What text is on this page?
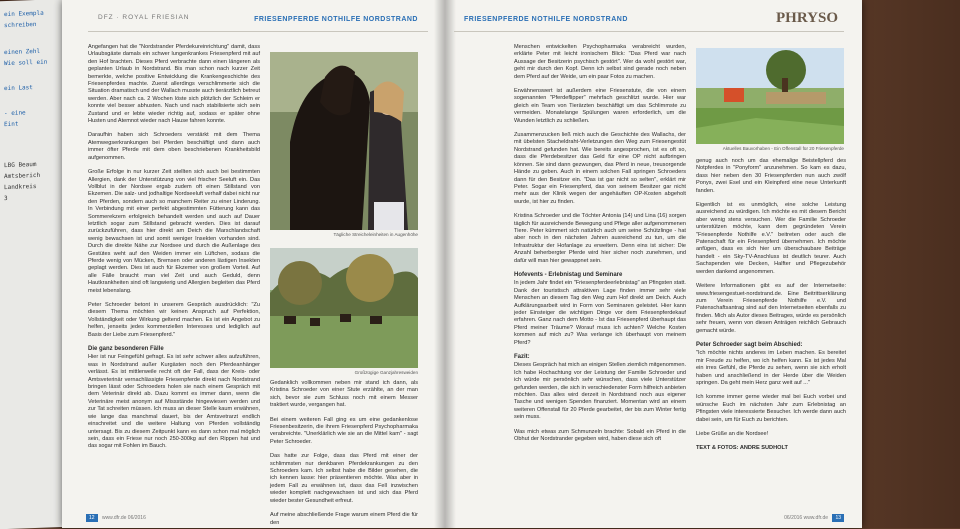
ein Exempla
schreiben
einen Zehl
Wie soll ein
ein Last
- eine
Eint
LBG Beaum
Amtsberich
Landkreis
3
DFZ · ROYAL FRIESIAN	FRIESENPFERDE NOTHILFE NORDSTRAND

Angefangen hat die "Nordstrander Pferdekureinrichtung" damit, dass Urlaubsgäste damals ein schwer lungenkrankes Friesenpferd mit auf den Hof brachten. Dieses Pferd verbrachte dann einen längeren als geplanten Urlaub in Nordstrand. Bis man schon nach kurzer Zeit bemerkte, welche positive Entwicklung die Krankengeschichte des Friesenpferdes machte. Zuerst allerdings verschlimmerte sich die Situation dramatisch und der Wallach musste auch tierärztlich betreut werden. Aber nach ca. 2 Wochen löste sich plötzlich der Schleim er konnte viel besser abhusten. Nach und nach stabilisierte sich sein Zustand und er lebte wieder richtig auf, sodass er später ohne Husten und Atemnot wieder nach Hause fahren konnte.

Daraufhin haben sich Schroeders verstärkt mit dem Thema Atemwegserkrankungen bei Pferden beschäftigt und dann auch immer öfter Pferde mit dem oben beschriebenen Krankheitsbild aufgenommen.

Große Erfolge in nur kurzer Zeit stellten sich auch bei bestimmten Allergien, dank der Unterstützung von viel frischer Seeluft ein. Das Vollblut in der Nordsee ergab zudem oft einen Stillstand von Ekzemen. Die salz- und jodhaltige Nordseeluft verhalf dabei nicht nur den Pferden, sondern auch so manchem Reiter zu einer Linderung. In Verbindung mit einer perfekt abgestimmten Fütterung kann das Sommerekzem erfolgreich behandelt werden und auch auf Dauer letztlich sogar zum Stillstand gebracht werden. Dies ist darauf zurückzuführen, dass hier direkt am Deich die Marschlandschaft wenig bewachsen ist und somit weniger Insekten vorhanden sind. Durch die direkte Nähe zur Nordsee und durch die Außenlage des Gestütes weht auf den Weiden immer ein Lüftchen, sodass die Pferde wenig von Mücken, Bremsen oder anderen lästigen Insekten geplagt werden. Dies ist auch für Ekzemer von großem Vorteil. Auf alle Fälle braucht man viel Zeit und auch Geduld, denn Hautkrankheiten sind oft langwierig und Allergien begleiten das Pferd meist lebenslang.

Peter Schroeder betont in unserem Gespräch ausdrücklich: "Zu diesem Thema möchten wir keinen Anspruch auf Perfektion, Vollständigkeit oder Wirkung geltend machen. Es ist ein Angebot zu helfen, jenseits jedes kommerziellen Interesses und lediglich auf Basis der Liebe zum Friesenpferd."

Die ganz besonderen Fälle

Hier ist nur Feingefühl gefragt. Es ist sehr schwer alles aufzuführen, was in Nordstrand außer Kurgästen noch den Pferdeanhänger verlässt. Es ist mittlerweile recht oft der Fall, dass der Kreis- oder Amtsveterinär vernachlässigte Friesenpferde direkt nach Nordstrand bringen lässt oder Schroeders holen sie nach einem Gespräch mit dem Veterinär direkt ab. Dazu kommt es immer dann, wenn die Veterinäre meist anonym auf Missstände hingewiesen werden und zur Tat schreiten müssen. Ich muss an dieser Stelle kaum erwähnen, wie lange das manchmal dauert, bis der Amtsvetrarzt endlich einschreitet und die weitere Haltung von Pferden vollständig untersagt. Bis zu diesem Zeitpunkt kann es dann schon mal möglich sein, dass ein Friese nur noch 250-300kg auf den Rippen hat und das sogar mit Fohlen im Bauch.

Tägliche Streicheleinheiten in Augenhöhe
Großzügige Ganzjahresweiden

Gedanklich vollkommen neben mir stand ich dann, als Kristina Schroeder von einer Stute erzählte, an der man sich, bevor sie zum Schluss noch mit einem Messer traktiert wurde, vergangen hat.

Bei einem weiteren Fall ging es um eine gedankenlose Friesenbesitzerin, die ihrem Friesenpferd Psychopharmaka verabreichte. "Unerklärlich wie sie an die Mittel kam" - sagt Peter Schroeder.

Das hatte zur Folge, dass das Pferd mit einer der schlimmsten nur denkbaren Pferdekrankungen zu den Schroeders kam. Ich selbst habe die Bilder gesehen, die ich kennen lasse: hier präsentieren möchte. Was aber in jedem Fall zu erwähnen ist, dass das Fell inzwischen wieder komplett nachgewachsen ist und sich das Pferd wieder bester Gesundheit erfreut.

Auf meine abschließende Frage warum einem Pferd die für den

12 www.dfr.de 06/2016
FRIESENPFERDE NOTHILFE NORDSTRAND	PHRYSO

Menschen entwickelten Psychopharmaka verabreicht wurden, erklärte Peter mit leicht ironischem Blick: "Das Pferd war nach Aussage der Besitzerin psychisch gestört". Wer da wohl gestört war, geht mir durch den Kopf. Denn ich selbst sind gerade noch neben dem Pferd auf der Weide, um ein paar Fotos zu machen.

Erwähnenswert ist außerdem eine Friesenstute, die von einem sogenannten "Pferdeflipper" mehrfach geschlitzt wurde. Hier war gleich ein Team von Tierärzten beschäftigt um das Schlimmste zu vermeiden. Monatelange Spülungen waren erforderlich, um die Wunden letztlich zu schließen.

Zusammenzucken ließ mich auch die Geschichte des Wallachs, der mit übelsten Stacheldraht-Verletzungen den Weg zum Friesengestüt Nordstrand gefunden hat. Wie bereits angesprochen, ist es oft so, dass die Pferdebesitzer das Geld für eine OP nicht aufbringen können. Sie sind dann gezwungen, das Pferd in neue, treusorgende Hände zu geben. Auch in einem solchen Fall springen Schroeders dann für den Besitzer ein. "Das ist gar nicht so selten", erklärt mir Peter. Sogar ein Friesenpferd, das von seinem Besitzer gar nicht mehr aus der Klinik wegen der angehäuften OP-Kosten abgeholt wurde, ist hier zu finden.

Kristina Schroeder und die Töchter Antonia (14) und Lina (16) sorgen täglich für ausreichende Bewegung und Pflege aller aufgenommenen Tiere. Peter kümmert sich natürlich auch um seine Schützlinge - hat aber noch in den nächsten Jahren ausreichend zu tun, um die Infrastruktur der Hofanlage zu erweitern. Denn eins ist sicher: Die Anzahl beherbergter Pferde wird hier sicher noch zunehmen, und dafür will man hier gewappnet sein.

Hofevents - Erlebnistag und Seminare

In jedem Jahr findet ein "Friesenpferdeerlebnistag" an Pfingsten statt. Dank der touristisch attraktiven Lage finden immer sehr viele Menschen an diesem Tag den Weg zum Hof direkt am Deich. Auch Aufklärungsarbeit wird in Form von Seminaren geleistet. Hier kann jeder Einsteiger die wichtigen Dinge vor dem Friesenpferdekauf erfahren. Ganz nach dem Motto - Ist das Friesenpferd überhaupt das Pferd meiner Träume? Worauf muss ich achten? Welche Kosten kommen auf mich zu? Was verlange ich überhaupt von meinem Pferd?

Fazit:

Dieses Gespräch hat mich an einigen Stellen ziemlich mitgenommen. Ich habe Hochachtung vor der Leistung der Familie Schroeder und ich würde mir persönlich sehr wünschen, dass viele Unterstützer gefunden werden, die sich in verschiedenster Form hilfreich anbieten möchten. Das alles wird derzeit in Nordstrand noch aus eigener Tasche und wenigen Spenden finanziert. Momentan wird an einem weiteren Offenstall für 20 Pferde gearbeitet, der bis zum Winter fertig sein muss.

Was mich etwas zum Schmunzeln brachte: Sobald ein Pferd in die Obhut der Nordstrander gegeben wird, haben diese sich oft

Aktuelles Bauvorhaben - Ein Offenstall für 20 Friesenpferde

genug auch noch um das ehemalige Beistellpferd des Notpferdes in "Ponyform" anzunehmen. So kam es dazu, dass hier neben den 30 Friesenpferden nun auch zwölf Ponys, zwei Esel und ein Kleinpferd eine neue Unterkunft fanden.

Eigentlich ist es unmöglich, eine solche Leistung ausreichend zu würdigen. Ich möchte es mit diesem Bericht aber wenig stens versuchen. Wer die Familie Schroeder unterstützen möchte, kann dem gegründeten Verein "Friesenpferde Nothilfe e.V." beitreten oder auch die Patenschaft für ein Friesenpferd übernehmen. Ich möchte anfügen, dass es sich hier um überschaubare Beiträge handelt - ein Sky-TV-Anschluss ist deutlich teurer. Auch Sachspenden wie Decken, Halfter und Pflegezubehör werden dankend angenommen.

Weitere Informationen gibt es auf der Internetseite: www.friesengestuet-nordstrand.de. Eine Beitrittserklärung zum Verein Friesenpferde Nothilfe e.V. und Patenschaftsantrag sind auf den Internetseiten ebenfalls zu finden. Mich als Autor dieses Beitrages, würde es persönlich sehr freuen, wenn von diesen Anträgen reichlich Gebrauch gemacht würde.

Peter Schroeder sagt beim Abschied:

"Ich möchte nichts anderes im Leben machen. Es bereitet mir Freude zu helfen, wo ich helfen kann. Es ist jedes Mal ein irres Gefühl, die Pferde zu sehen, wenn sie sich erholt haben und anschließend in der Herde über die Weiden springen. Da geht mein Herz ganz weit auf ..."

Ich komme immer gerne wieder mal bei Euch vorbei und wünsche Euch im nächsten Jahr zum Erlebnistag an Pfingsten viele interessierte Besucher. Ich werde dann auch dabei sein, um für Euch zu berichten.

Liebe Grüße an die Nordsee!

TEXT & FOTOS: ANDRE SUDHOLT

06/2016 www.dfr.de 13
